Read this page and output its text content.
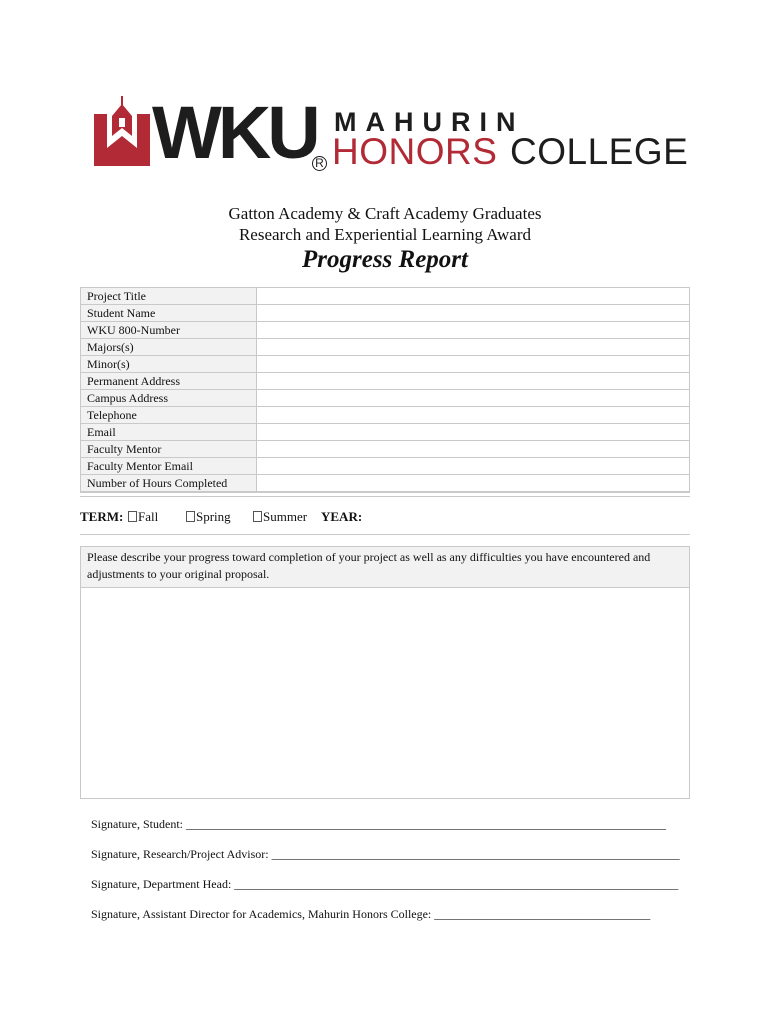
WKU
R
MAHURIN
HONORS COLLEGE
Gatton Academy & Craft Academy Graduates
Research and Experiential Learning Award
Progress Report
Project Title	
Student Name	
WKU 800-Number	
Majors(s)	
Minor(s)	
Permanent Address	
Campus Address	
Telephone	
Email	
Faculty Mentor	
Faculty Mentor Email	
Number of Hours Completed	
TERM:	Fall	Spring	Summer YEAR:
Please describe your progress toward completion of your project as well as any difficulties you have encountered and adjustments to your original proposal.
Signature, Student: ________________________________________________________________________________
Signature, Research/Project Advisor: ____________________________________________________________________
Signature, Department Head: __________________________________________________________________________
Signature, Assistant Director for Academics, Mahurin Honors College: ____________________________________
